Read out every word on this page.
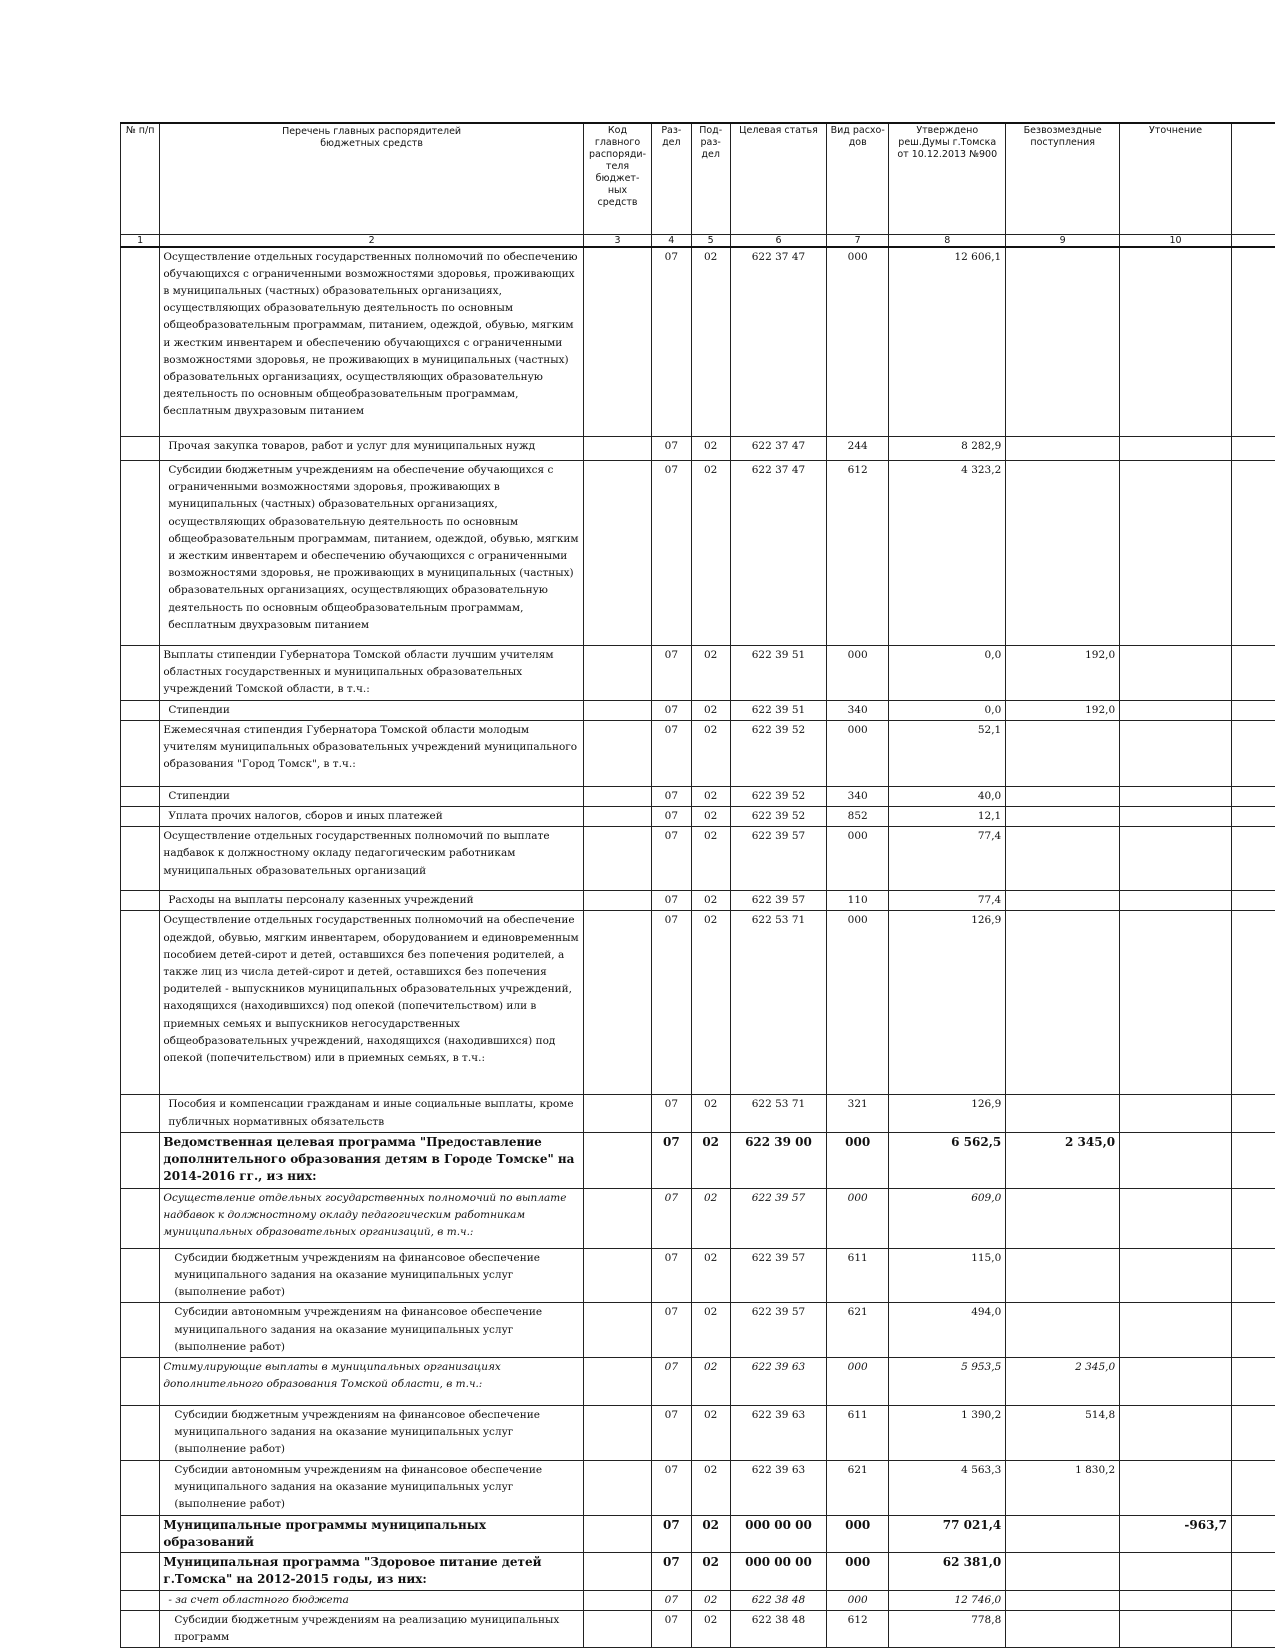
№ п/п	Перечень главных распорядителей бюджетных средств	Код главного распоряди-теля бюджет-ных средств	Раз-дел	Под-раз-дел	Целевая статья	Вид расхо-дов	Утверждено реш.Думы г.Томска от 10.12.2013 №900	Безвозмездные поступления	Уточнение	
1	2	3	4	5	6	7	8	9	10	
	Осуществление отдельных государственных полномочий по обеспечению обучающихся с ограниченными возможностями здоровья, проживающих в муниципальных (частных) образовательных организациях, осуществляющих образовательную деятельность по основным общеобразовательным программам, питанием, одеждой, обувью, мягким и жестким инвентарем и обеспечению обучающихся с ограниченными возможностями здоровья, не проживающих в муниципальных (частных) образовательных организациях, осуществляющих образовательную деятельность по основным общеобразовательным программам, бесплатным двухразовым питанием		07	02	622 37 47	000	12 606,1			
	Прочая закупка товаров, работ и услуг для муниципальных нужд		07	02	622 37 47	244	8 282,9			
	Субсидии бюджетным учреждениям на обеспечение обучающихся с ограниченными возможностями здоровья, проживающих в муниципальных (частных) образовательных организациях, осуществляющих образовательную деятельность по основным общеобразовательным программам, питанием, одеждой, обувью, мягким и жестким инвентарем и обеспечению обучающихся с ограниченными возможностями здоровья, не проживающих в муниципальных (частных) образовательных организациях, осуществляющих образовательную деятельность по основным общеобразовательным программам, бесплатным двухразовым питанием		07	02	622 37 47	612	4 323,2			
	Выплаты стипендии Губернатора Томской области лучшим учителям областных государственных и муниципальных образовательных учреждений Томской области, в т.ч.:		07	02	622 39 51	000	0,0	192,0		
	Стипендии		07	02	622 39 51	340	0,0	192,0		
	Ежемесячная стипендия Губернатора Томской области молодым учителям муниципальных образовательных учреждений муниципального образования "Город Томск", в т.ч.:		07	02	622 39 52	000	52,1			
	Стипендии		07	02	622 39 52	340	40,0			
	Уплата прочих налогов, сборов и иных платежей		07	02	622 39 52	852	12,1			
	Осуществление отдельных государственных полномочий по выплате надбавок к должностному окладу педагогическим работникам муниципальных образовательных организаций		07	02	622 39 57	000	77,4			
	Расходы на выплаты персоналу казенных учреждений		07	02	622 39 57	110	77,4			
	Осуществление отдельных государственных полномочий на обеспечение одеждой, обувью, мягким инвентарем, оборудованием и единовременным пособием детей-сирот и детей, оставшихся без попечения родителей, а также лиц из числа детей-сирот и детей, оставшихся без попечения родителей - выпускников муниципальных образовательных учреждений, находящихся (находившихся) под опекой (попечительством) или в приемных семьях и выпускников негосударственных общеобразовательных учреждений, находящихся (находившихся) под опекой (попечительством) или в приемных семьях, в т.ч.:		07	02	622 53 71	000	126,9			
	Пособия и компенсации гражданам и иные социальные выплаты, кроме публичных нормативных обязательств		07	02	622 53 71	321	126,9			
	Ведомственная целевая программа "Предоставление дополнительного образования детям в Городе Томске" на 2014-2016 гг., из них:		07	02	622 39 00	000	6 562,5	2 345,0		
	Осуществление отдельных государственных полномочий по выплате надбавок к должностному окладу педагогическим работникам муниципальных образовательных организаций, в т.ч.:		07	02	622 39 57	000	609,0			
	Субсидии бюджетным учреждениям на финансовое обеспечение муниципального задания на оказание муниципальных услуг (выполнение работ)		07	02	622 39 57	611	115,0			
	Субсидии автономным учреждениям на финансовое обеспечение муниципального задания на оказание муниципальных услуг (выполнение работ)		07	02	622 39 57	621	494,0			
	Стимулирующие выплаты в муниципальных организациях дополнительного образования Томской области, в т.ч.:		07	02	622 39 63	000	5 953,5	2 345,0		
	Субсидии бюджетным учреждениям на финансовое обеспечение муниципального задания на оказание муниципальных услуг (выполнение работ)		07	02	622 39 63	611	1 390,2	514,8		
	Субсидии автономным учреждениям на финансовое обеспечение муниципального задания на оказание муниципальных услуг (выполнение работ)		07	02	622 39 63	621	4 563,3	1 830,2		
	Муниципальные программы муниципальных образований		07	02	000 00 00	000	77 021,4		-963,7	
	Муниципальная программа "Здоровое питание детей г.Томска" на 2012-2015 годы, из них:		07	02	000 00 00	000	62 381,0			
	- за счет областного бюджета		07	02	622 38 48	000	12 746,0			
	Субсидии бюджетным учреждениям на реализацию муниципальных программ		07	02	622 38 48	612	778,8			
